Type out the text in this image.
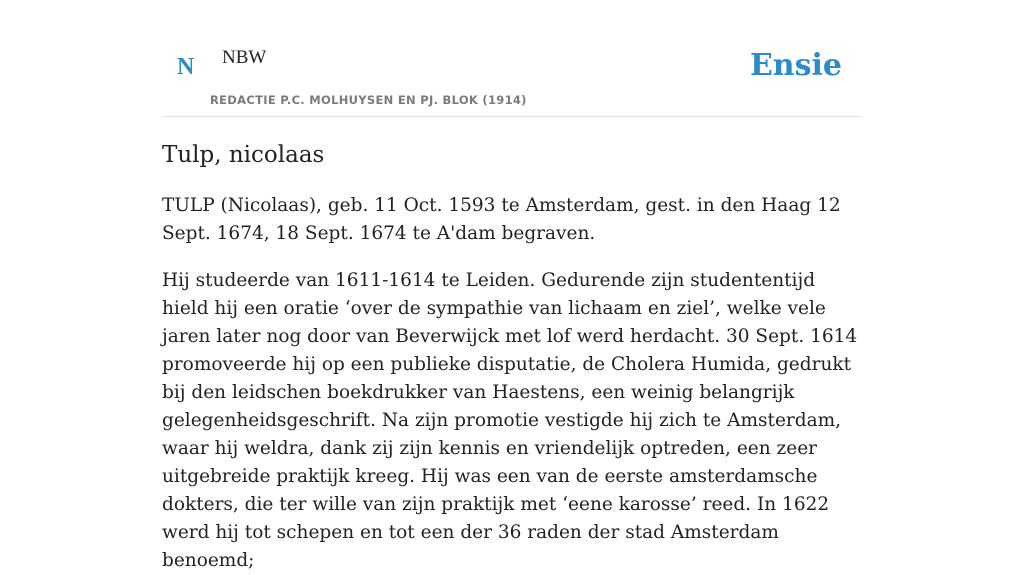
N NBW
REDACTIE P.C. MOLHUYSEN EN PJ. BLOK (1914)
Ensie
Tulp, nicolaas

TULP (Nicolaas), geb. 11 Oct. 1593 te Amsterdam, gest. in den Haag 12 Sept. 1674, 18 Sept. 1674 te A'dam begraven.

Hij studeerde van 1611-1614 te Leiden. Gedurende zijn studententijd hield hij een oratie ‘over de sympathie van lichaam en ziel’, welke vele jaren later nog door van Beverwijck met lof werd herdacht. 30 Sept. 1614 promoveerde hij op een publieke disputatie, de Cholera Humida, gedrukt bij den leidschen boekdrukker van Haestens, een weinig belangrijk gelegenheidsgeschrift. Na zijn promotie vestigde hij zich te Amsterdam, waar hij weldra, dank zij zijn kennis en vriendelijk optreden, een zeer uitgebreide praktijk kreeg. Hij was een van de eerste amsterdamsche dokters, die ter wille van zijn praktijk met ‘eene karosse’ reed. In 1622 werd hij tot schepen en tot een der 36 raden der stad Amsterdam benoemd;
